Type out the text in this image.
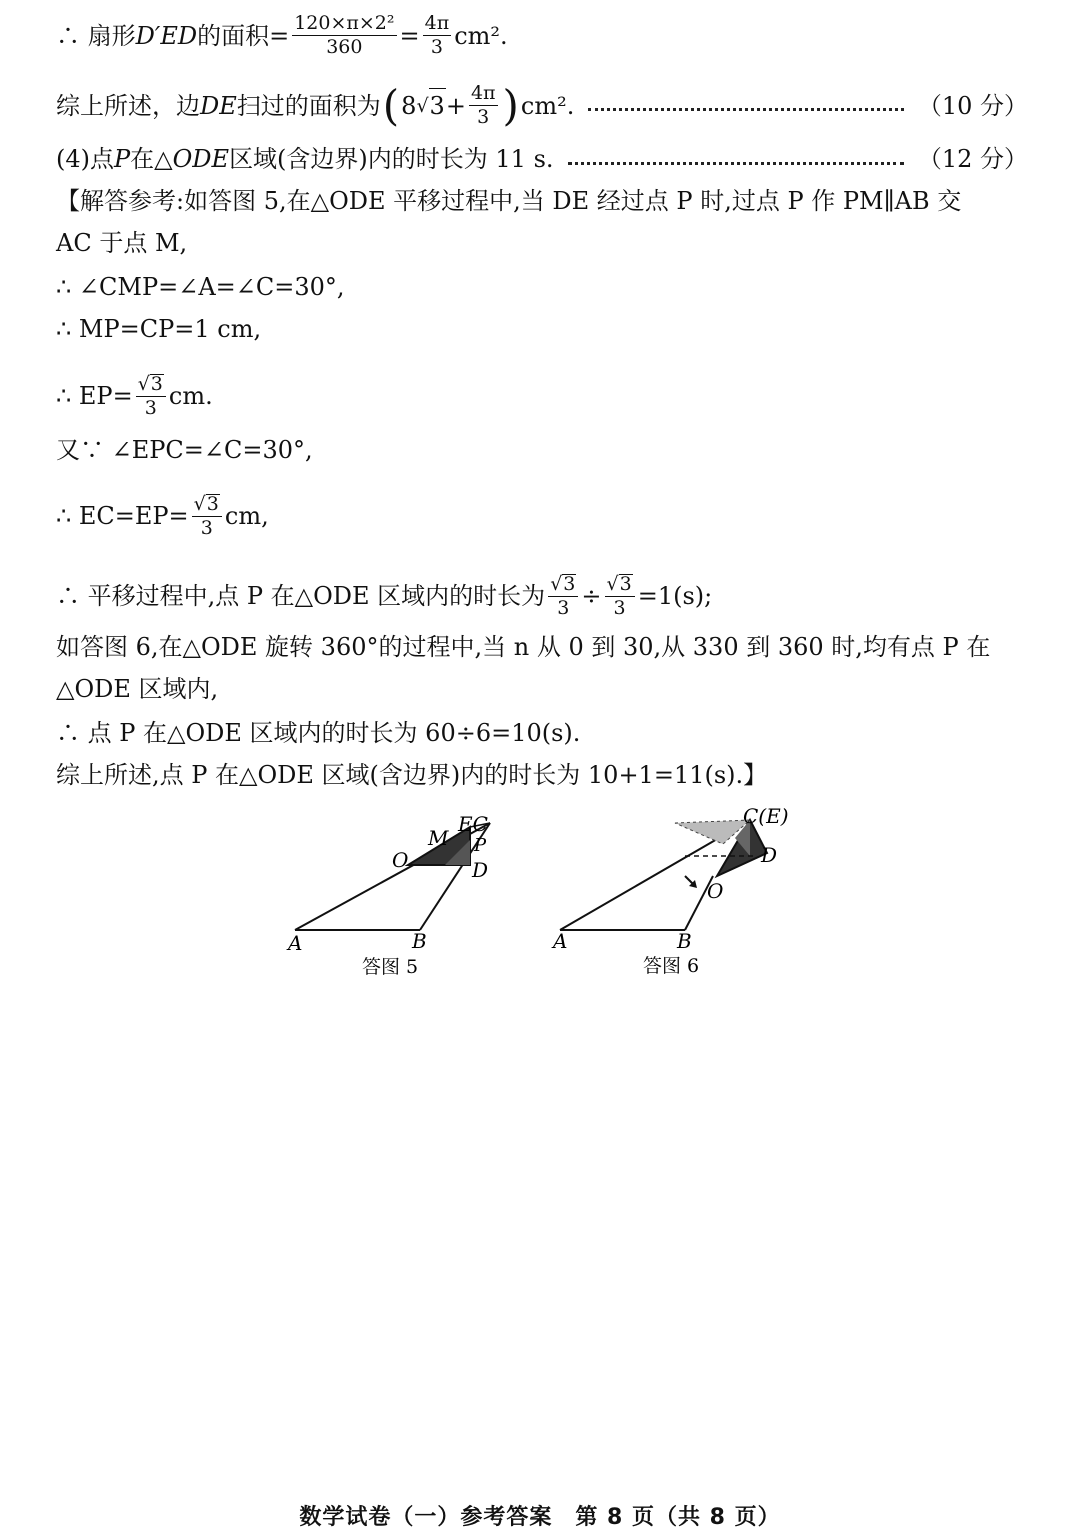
∴ 扇形 D′ED 的面积= $\frac{\text{120×π×2²}}{360} = \frac{4\pi}{3} cm^2$.
综上所述，边 DE 扫过的面积为 ( 8 √ $3 + \frac{4\pi}{3}$ ) cm².	（10 分）
(4)点 P 在△ ODE 区域(含边界)内的时长为 11 s.	（12 分）
【解答参考:如答图 5,在△ODE 平移过程中,当 DE 经过点 P 时,过点 P 作 PM∥AB 交
AC 于点 M,
∴ ∠CMP=∠A=∠C=30°,
∴ MP=CP=1 cm,
∴ $EP= \frac{√ 3}{3}$ cm.
又∵ ∠EPC=∠C=30°,
∴ $EC=EP= \frac{√ 3}{3}$ cm,
∴ 平移过程中,点 P 在△ODE 区域内的时长为 $\frac{√ 3}{3} \div \frac{√ 3}{3} =1(s)$;
如答图 6,在△ODE 旋转 360°的过程中,当 n 从 0 到 30,从 330 到 360 时,均有点 P 在
△ODE 区域内,
∴ 点 P 在△ODE 区域内的时长为 60÷6=10(s).
综上所述,点 P 在△ODE 区域(含边界)内的时长为 10+1=11(s).】
A	B
O
M
EC
P
D
答图 5
A	B
C(E)
D
O
答图 6
数学试卷（一）参考答案　第 8 页（共 8 页）
